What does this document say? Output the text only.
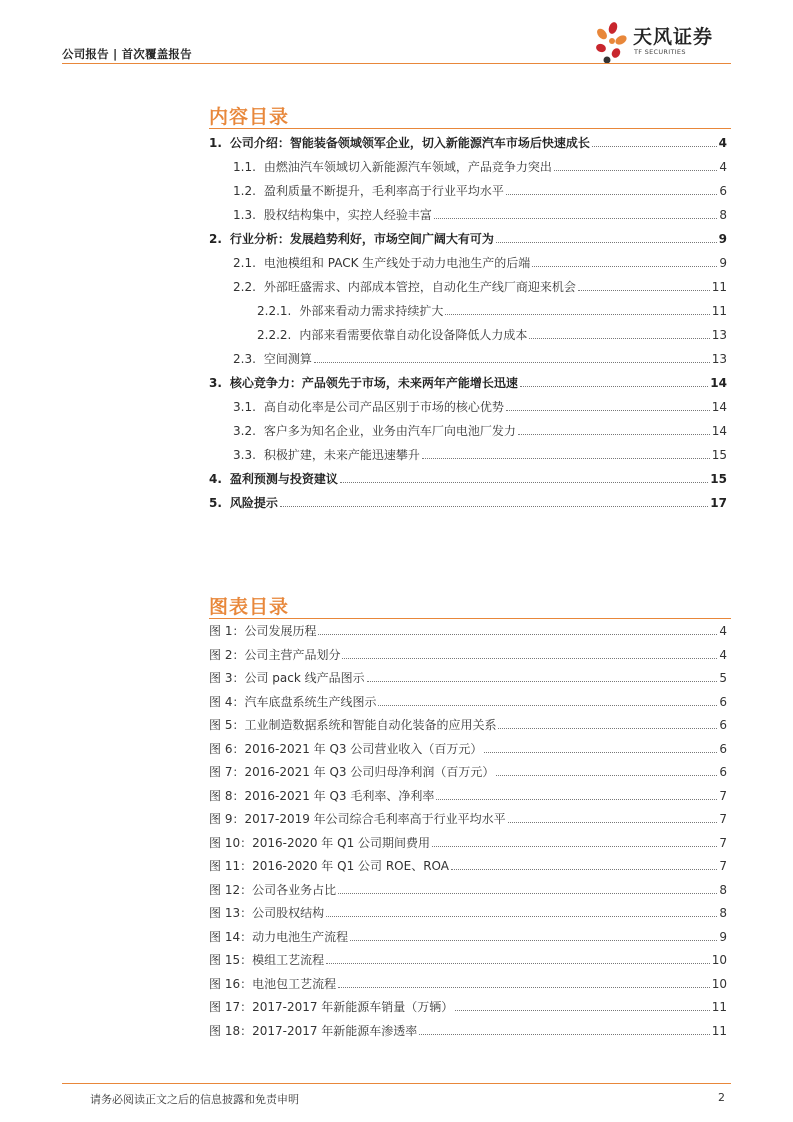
公司报告 | 首次覆盖报告
天风证券
TF SECURITIES
内容目录
1. 公司介绍：智能装备领域领军企业，切入新能源汽车市场后快速成长	4
1.1. 由燃油汽车领域切入新能源汽车领域，产品竞争力突出	4
1.2. 盈利质量不断提升，毛利率高于行业平均水平	6
1.3. 股权结构集中，实控人经验丰富	8
2. 行业分析：发展趋势利好，市场空间广阔大有可为	9
2.1. 电池模组和 PACK 生产线处于动力电池生产的后端	9
2.2. 外部旺盛需求、内部成本管控，自动化生产线厂商迎来机会	11
2.2.1. 外部来看动力需求持续扩大	11
2.2.2. 内部来看需要依靠自动化设备降低人力成本	13
2.3. 空间测算	13
3. 核心竞争力：产品领先于市场，未来两年产能增长迅速	14
3.1. 高自动化率是公司产品区别于市场的核心优势	14
3.2. 客户多为知名企业，业务由汽车厂向电池厂发力	14
3.3. 积极扩建，未来产能迅速攀升	15
4. 盈利预测与投资建议	15
5. 风险提示	17
图表目录
图 1：公司发展历程	4
图 2：公司主营产品划分	4
图 3：公司 pack 线产品图示	5
图 4：汽车底盘系统生产线图示	6
图 5：工业制造数据系统和智能自动化装备的应用关系	6
图 6：2016-2021 年 Q3 公司营业收入（百万元）	6
图 7：2016-2021 年 Q3 公司归母净利润（百万元）	6
图 8：2016-2021 年 Q3 毛利率、净利率	7
图 9：2017-2019 年公司综合毛利率高于行业平均水平	7
图 10：2016-2020 年 Q1 公司期间费用	7
图 11：2016-2020 年 Q1 公司 ROE、ROA	7
图 12：公司各业务占比	8
图 13：公司股权结构	8
图 14：动力电池生产流程	9
图 15：模组工艺流程	10
图 16：电池包工艺流程	10
图 17：2017-2017 年新能源车销量（万辆）	11
图 18：2017-2017 年新能源车渗透率	11
请务必阅读正文之后的信息披露和免责申明	2
